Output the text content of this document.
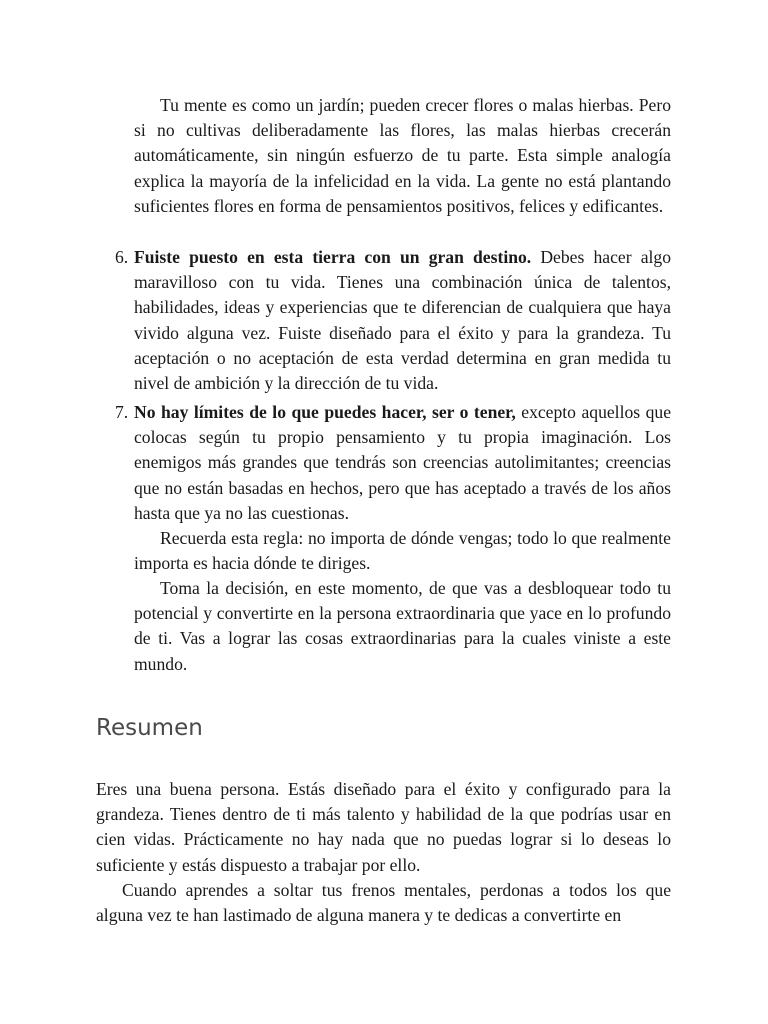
Tu mente es como un jardín; pueden crecer flores o malas hierbas. Pero si no cultivas deliberadamente las flores, las malas hierbas crecerán automáticamente, sin ningún esfuerzo de tu parte. Esta simple analogía explica la mayoría de la infelicidad en la vida. La gente no está plantando suficientes flores en forma de pensamientos positivos, felices y edificantes.

6. Fuiste puesto en esta tierra con un gran destino. Debes hacer algo maravilloso con tu vida. Tienes una combinación única de talentos, habilidades, ideas y experiencias que te diferencian de cualquiera que haya vivido alguna vez. Fuiste diseñado para el éxito y para la grandeza. Tu aceptación o no aceptación de esta verdad determina en gran medida tu nivel de ambición y la dirección de tu vida.

7. No hay límites de lo que puedes hacer, ser o tener, excepto aquellos que colocas según tu propio pensamiento y tu propia imaginación. Los enemigos más grandes que tendrás son creencias autolimitantes; creencias que no están basadas en hechos, pero que has aceptado a través de los años hasta que ya no las cuestionas.

Recuerda esta regla: no importa de dónde vengas; todo lo que realmente importa es hacia dónde te diriges.

Toma la decisión, en este momento, de que vas a desbloquear todo tu potencial y convertirte en la persona extraordinaria que yace en lo profundo de ti. Vas a lograr las cosas extraordinarias para la cuales viniste a este mundo.

Resumen

Eres una buena persona. Estás diseñado para el éxito y configurado para la grandeza. Tienes dentro de ti más talento y habilidad de la que podrías usar en cien vidas. Prácticamente no hay nada que no puedas lograr si lo deseas lo suficiente y estás dispuesto a trabajar por ello.

Cuando aprendes a soltar tus frenos mentales, perdonas a todos los que alguna vez te han lastimado de alguna manera y te dedicas a convertirte en
